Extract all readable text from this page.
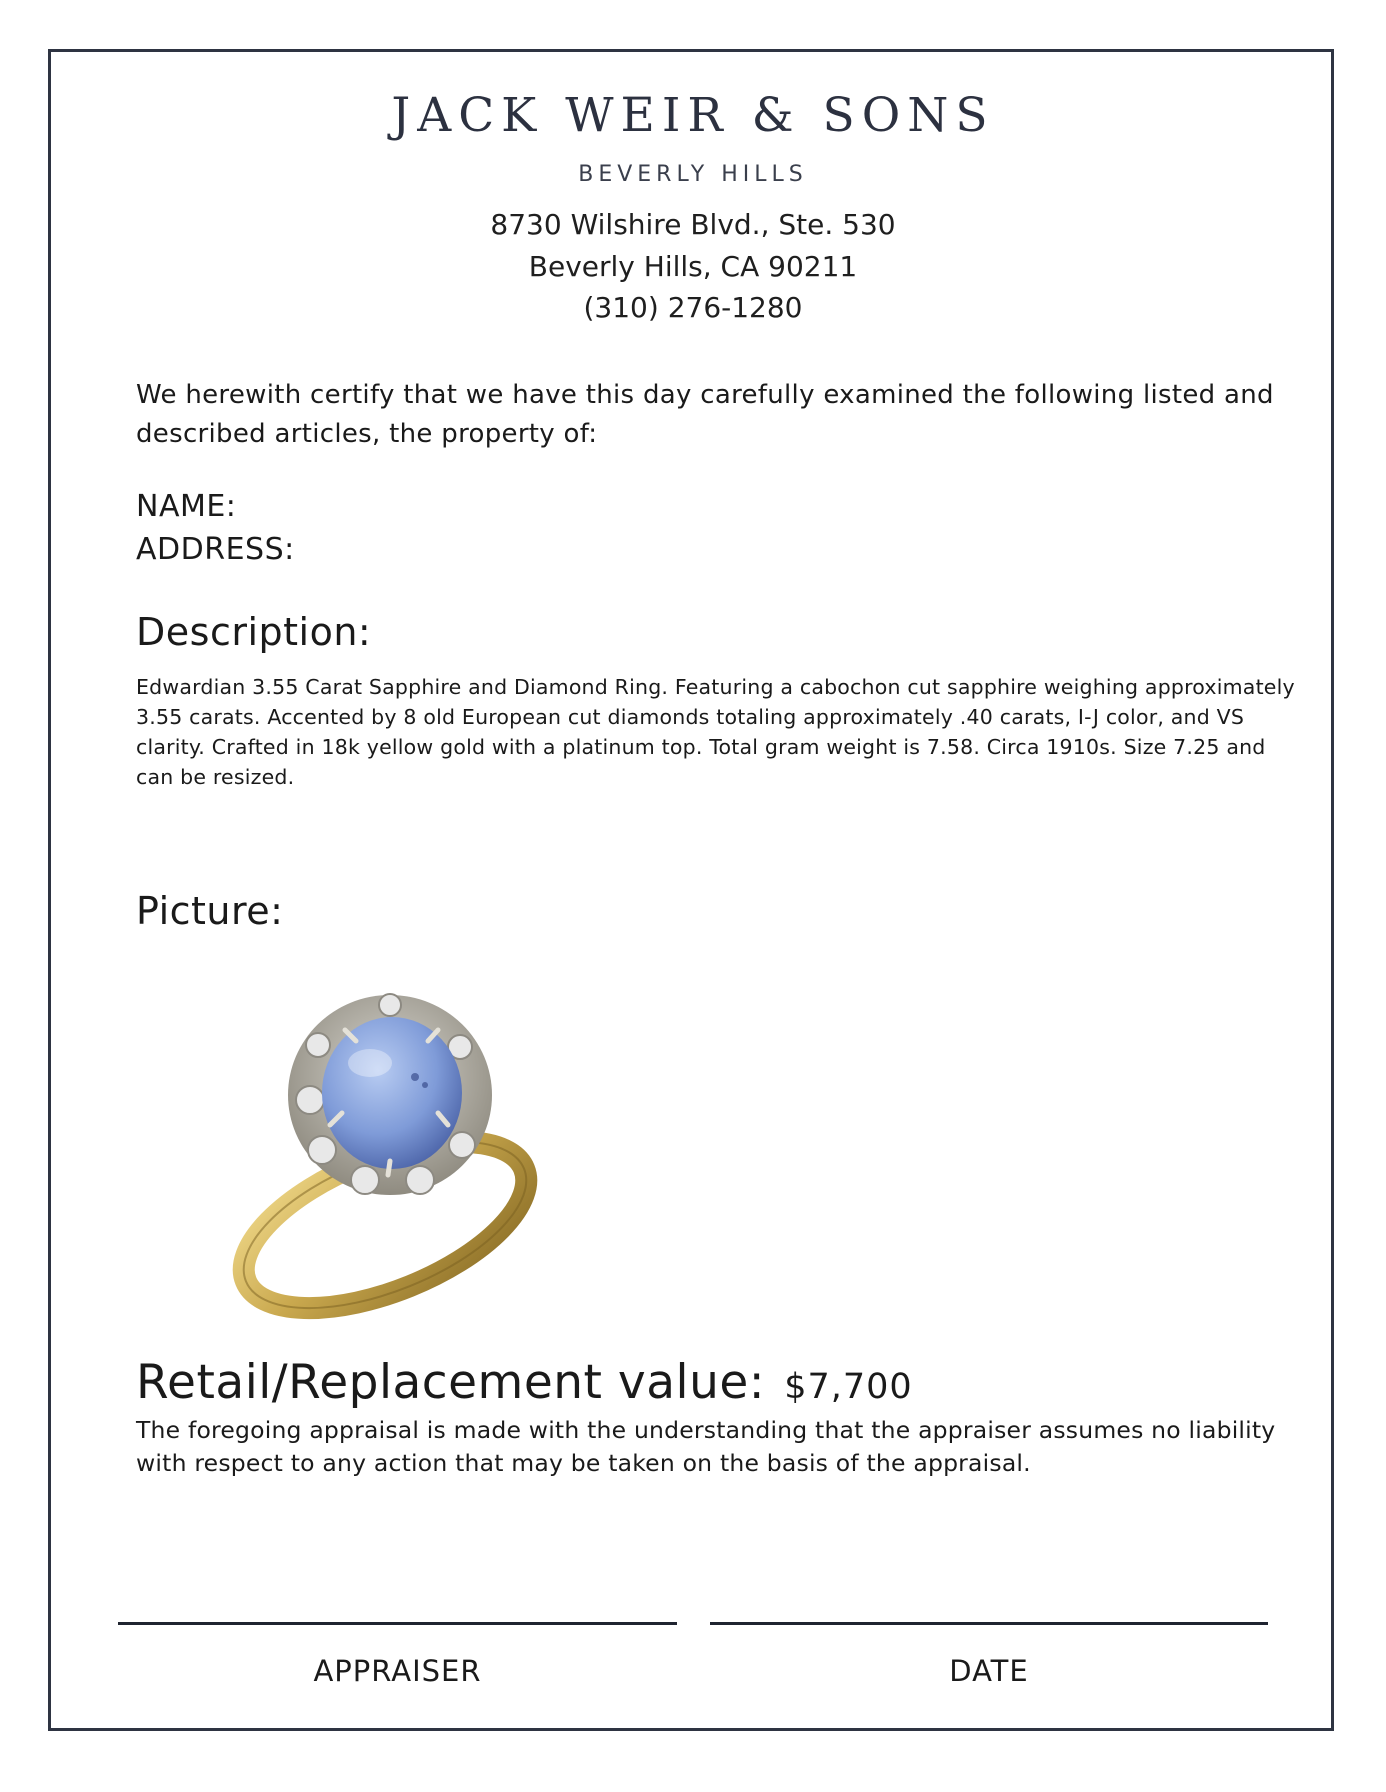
JACK WEIR & SONS
BEVERLY HILLS
8730 Wilshire Blvd., Ste. 530
Beverly Hills, CA 90211
(310) 276-1280
We herewith certify that we have this day carefully examined the following listed and described articles, the property of:
NAME:
ADDRESS:
Description:
Edwardian 3.55 Carat Sapphire and Diamond Ring. Featuring a cabochon cut sapphire weighing approximately 3.55 carats. Accented by 8 old European cut diamonds totaling approximately .40 carats, I-J color, and VS clarity. Crafted in 18k yellow gold with a platinum top. Total gram weight is 7.58. Circa 1910s. Size 7.25 and can be resized.
Picture:
Retail/Replacement value: $7,700
The foregoing appraisal is made with the understanding that the appraiser assumes no liability with respect to any action that may be taken on the basis of the appraisal.
APPRAISER	DATE
